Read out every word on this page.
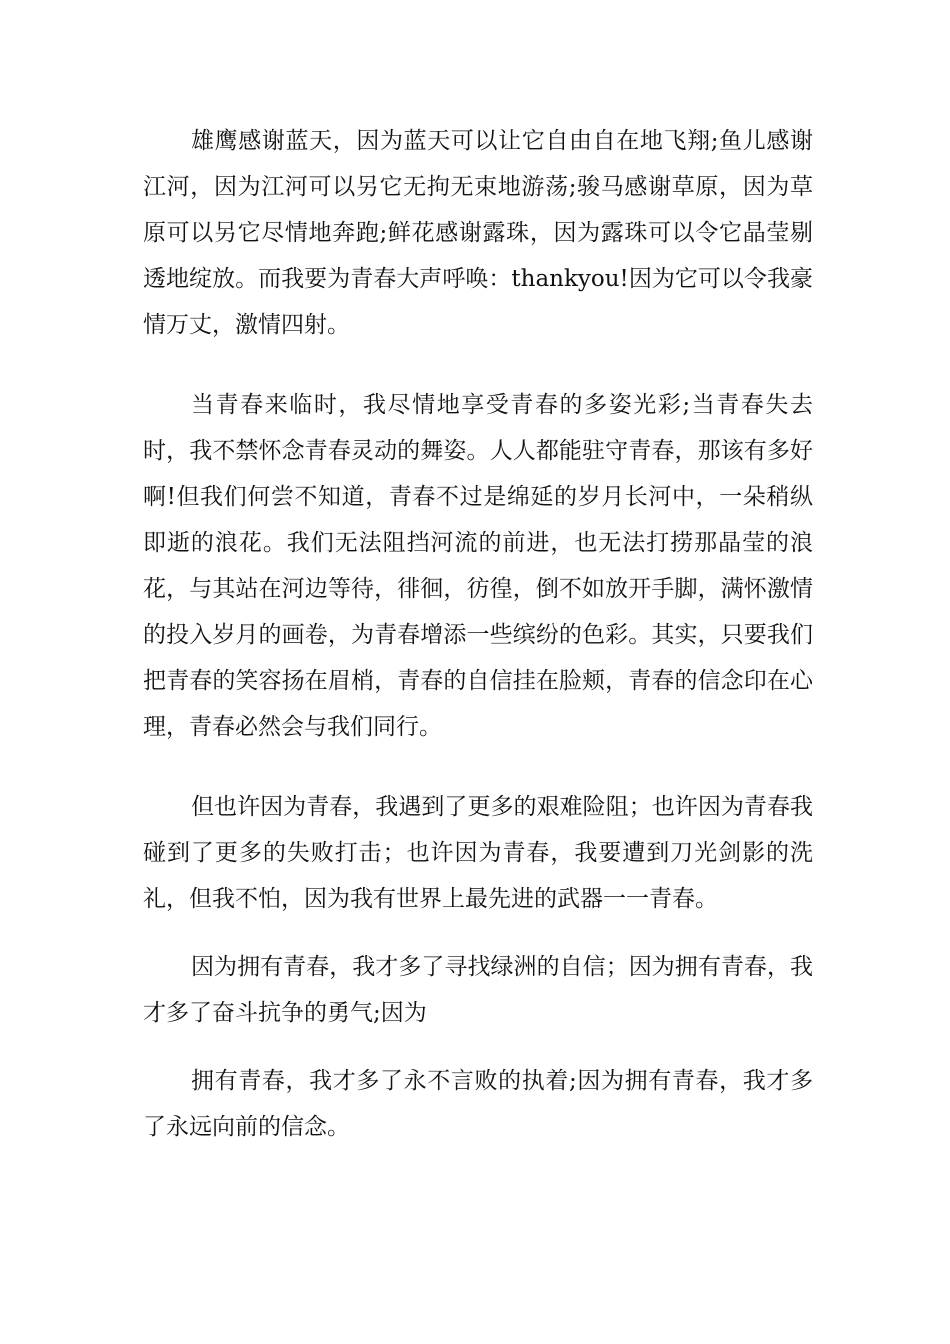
雄鹰感谢蓝天，因为蓝天可以让它自由自在地飞翔;鱼儿感谢江河，因为江河可以另它无拘无束地游荡;骏马感谢草原，因为草原可以另它尽情地奔跑;鲜花感谢露珠，因为露珠可以令它晶莹剔透地绽放。而我要为青春大声呼唤：thankyou!因为它可以令我豪情万丈，激情四射。

当青春来临时，我尽情地享受青春的多姿光彩;当青春失去时，我不禁怀念青春灵动的舞姿。人人都能驻守青春，那该有多好啊!但我们何尝不知道，青春不过是绵延的岁月长河中，一朵稍纵即逝的浪花。我们无法阻挡河流的前进，也无法打捞那晶莹的浪花，与其站在河边等待，徘徊，彷徨，倒不如放开手脚，满怀激情的投入岁月的画卷，为青春增添一些缤纷的色彩。其实，只要我们把青春的笑容扬在眉梢，青春的自信挂在脸颊，青春的信念印在心理，青春必然会与我们同行。

但也许因为青春，我遇到了更多的艰难险阻；也许因为青春我碰到了更多的失败打击；也许因为青春，我要遭到刀光剑影的洗礼，但我不怕，因为我有世界上最先进的武器一一青春。

因为拥有青春，我才多了寻找绿洲的自信；因为拥有青春，我才多了奋斗抗争的勇气;因为

拥有青春，我才多了永不言败的执着;因为拥有青春，我才多了永远向前的信念。
